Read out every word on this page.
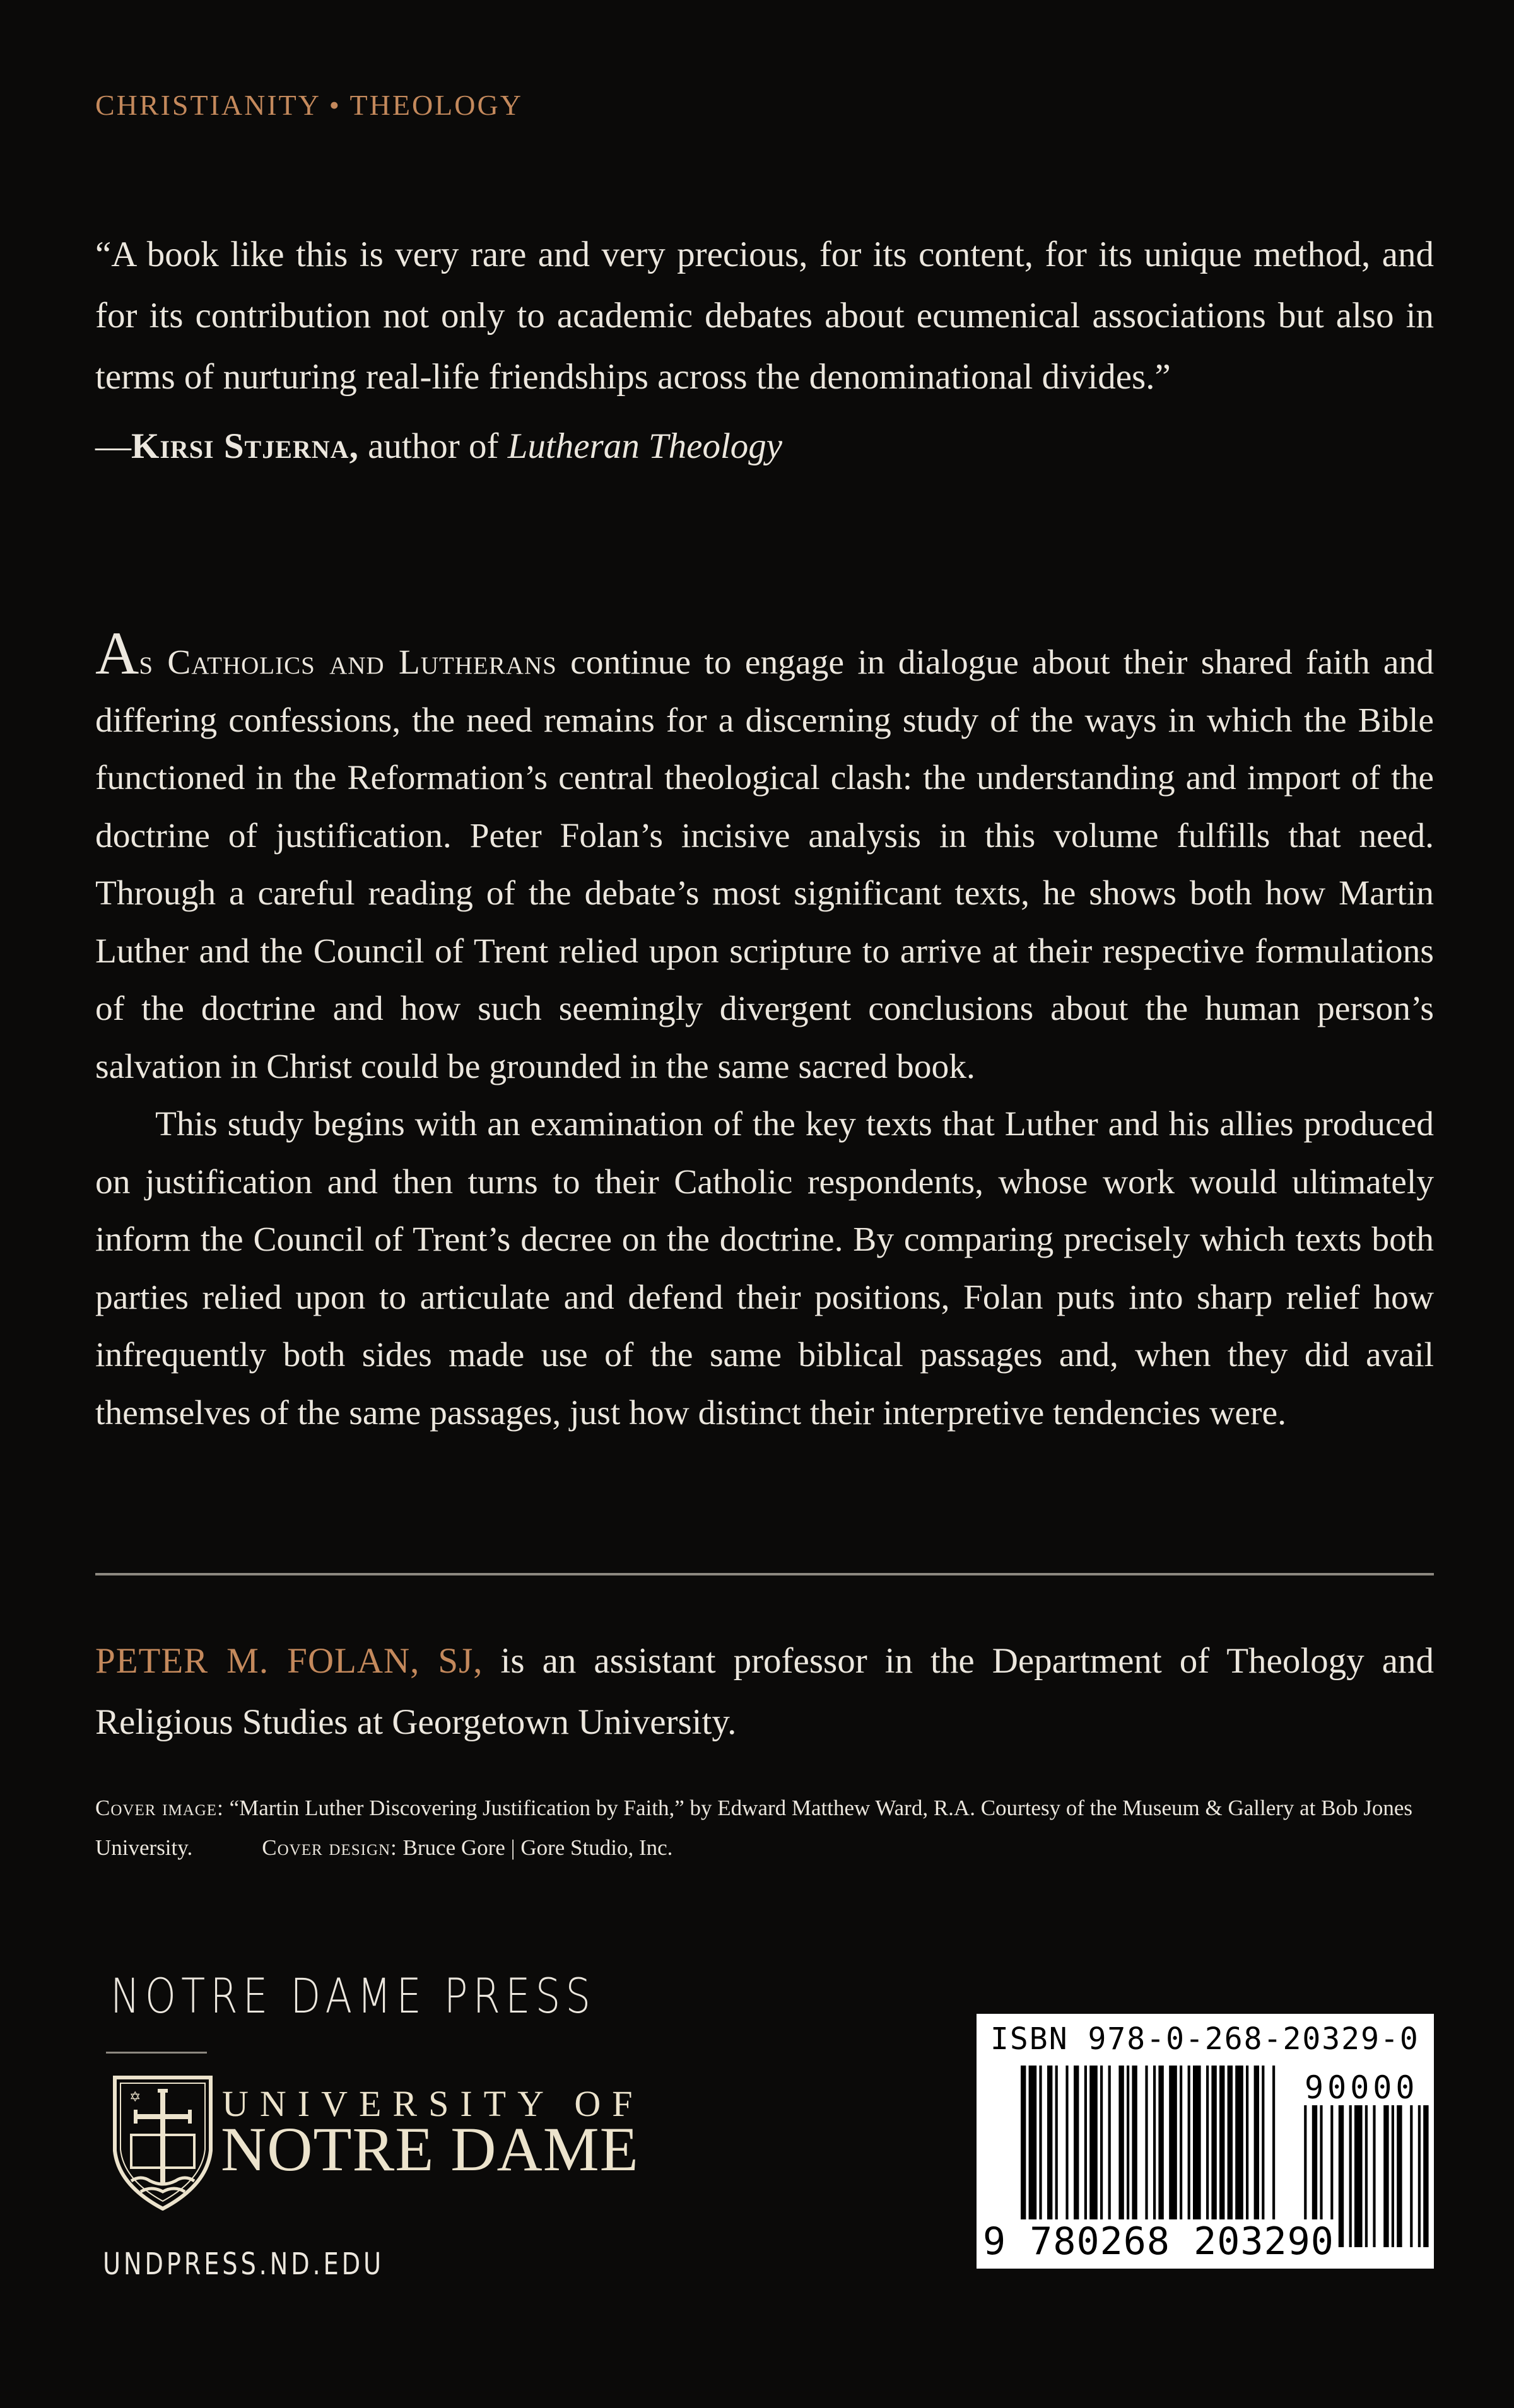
CHRISTIANITY • THEOLOGY
“A book like this is very rare and very precious, for its content, for its unique method, and for its contribution not only to academic debates about ecumenical associations but also in terms of nurturing real-life friendships across the denominational divides.”
—Kirsi Stjerna, author of Lutheran Theology

As Catholics and Lutherans continue to engage in dialogue about their shared faith and differing confessions, the need remains for a discerning study of the ways in which the Bible functioned in the Reformation’s central theological clash: the understanding and import of the doctrine of justification. Peter Folan’s incisive analysis in this volume fulfills that need. Through a careful reading of the debate’s most significant texts, he shows both how Martin Luther and the Council of Trent relied upon scripture to arrive at their respective formulations of the doctrine and how such seemingly divergent conclusions about the human person’s salvation in Christ could be grounded in the same sacred book.

This study begins with an examination of the key texts that Luther and his allies produced on justification and then turns to their Catholic respondents, whose work would ultimately inform the Council of Trent’s decree on the doctrine. By comparing precisely which texts both parties relied upon to articulate and defend their positions, Folan puts into sharp relief how infrequently both sides made use of the same biblical passages and, when they did avail themselves of the same passages, just how distinct their interpretive tendencies were.

PETER M. FOLAN, SJ, is an assistant professor in the Department of Theology and Religious Studies at Georgetown University.
Cover image: “Martin Luther Discovering Justification by Faith,” by Edward Matthew Ward, R.A. Courtesy of the Museum & Gallery at Bob Jones University.	Cover design: Bruce Gore | Gore Studio, Inc.
NOTRE DAME PRESS
✡ UNIVERSITY OF
NOTRE DAME
UNDPRESS.ND.EDU
ISBN 978-0-268-20329-0
90000
9 780268 203290
